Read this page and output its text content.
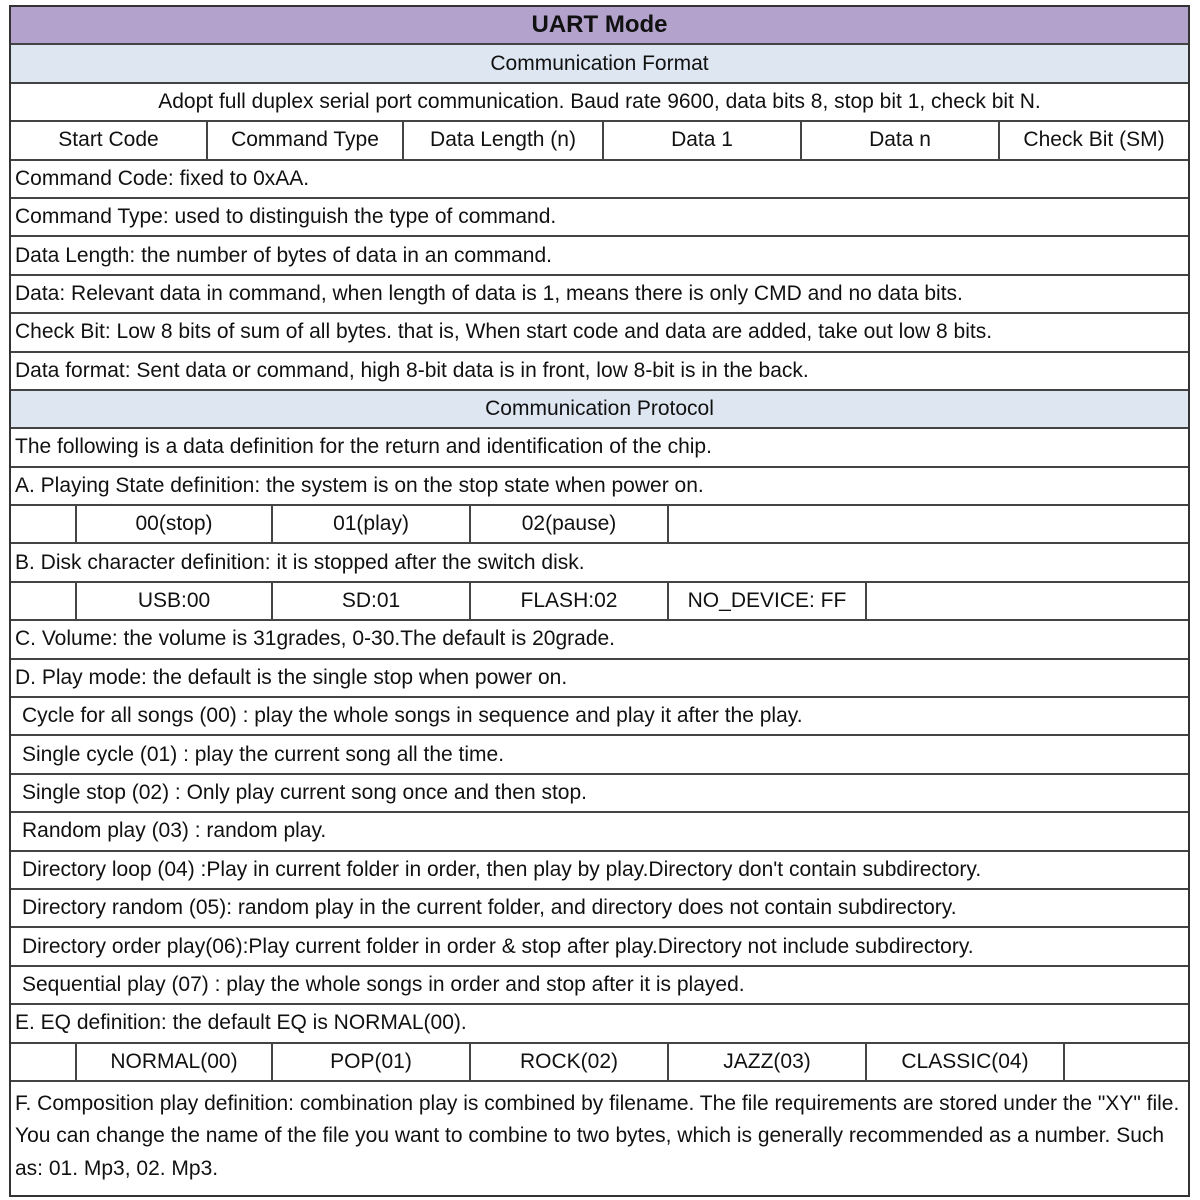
UART Mode
Communication Format
Adopt full duplex serial port communication. Baud rate 9600, data bits 8, stop bit 1, check bit N.
Start Code	Command Type	Data Length (n)	Data 1	Data n	Check Bit (SM)
Command Code: fixed to 0xAA.
Command Type: used to distinguish the type of command.
Data Length: the number of bytes of data in an command.
Data: Relevant data in command, when length of data is 1, means there is only CMD and no data bits.
Check Bit: Low 8 bits of sum of all bytes. that is, When start code and data are added, take out low 8 bits.
Data format: Sent data or command, high 8-bit data is in front, low 8-bit is in the back.
Communication Protocol
The following is a data definition for the return and identification of the chip.
A. Playing State definition: the system is on the stop state when power on.
00(stop)	01(play)	02(pause)
B. Disk character definition: it is stopped after the switch disk.
USB:00	SD:01	FLASH:02	NO_DEVICE: FF
C. Volume: the volume is 31grades, 0-30.The default is 20grade.
D. Play mode: the default is the single stop when power on.
Cycle for all songs (00) : play the whole songs in sequence and play it after the play.
Single cycle (01) : play the current song all the time.
Single stop (02) : Only play current song once and then stop.
Random play (03) : random play.
Directory loop (04) :Play in current folder in order, then play by play.Directory don't contain subdirectory.
Directory random (05): random play in the current folder, and directory does not contain subdirectory.
Directory order play(06):Play current folder in order & stop after play.Directory not include subdirectory.
Sequential play (07) : play the whole songs in order and stop after it is played.
E. EQ definition: the default EQ is NORMAL(00).
NORMAL(00)	POP(01)	ROCK(02)	JAZZ(03)	CLASSIC(04)
F. Composition play definition: combination play is combined by filename. The file requirements are stored under the "XY" file. You can change the name of the file you want to combine to two bytes, which is generally recommended as a number. Such as: 01. Mp3, 02. Mp3.
